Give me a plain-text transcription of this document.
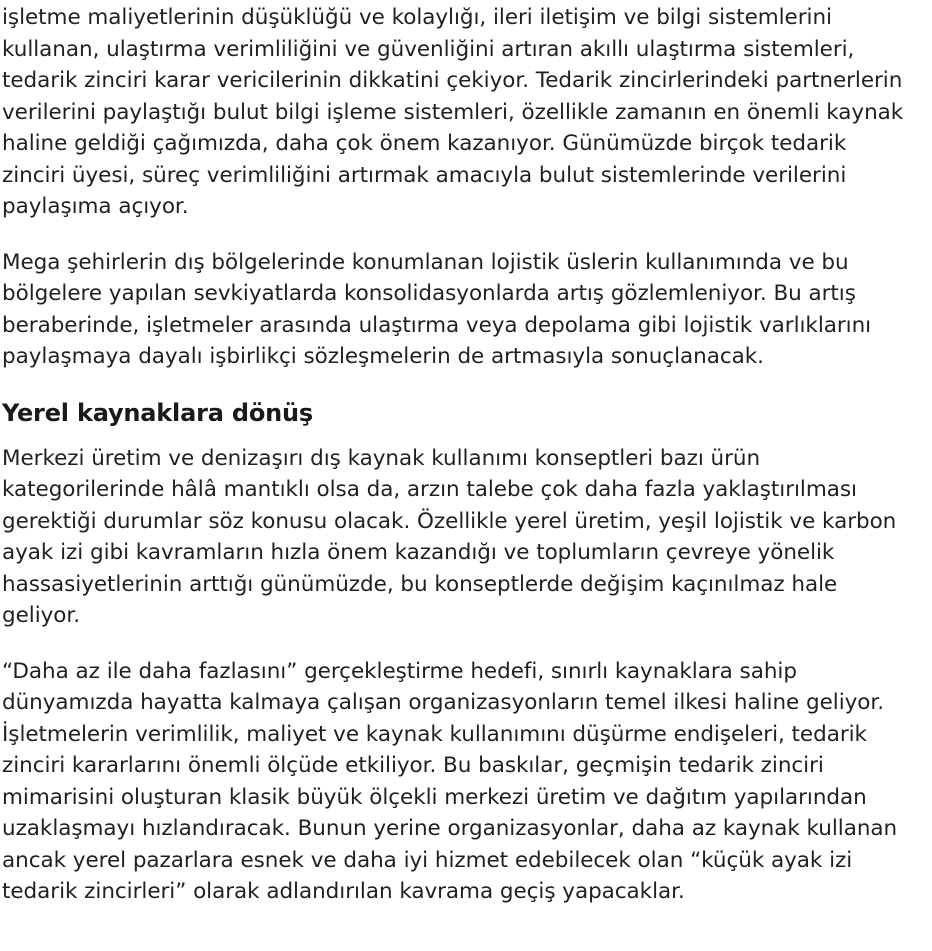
işletme maliyetlerinin düşüklüğü ve kolaylığı, ileri iletişim ve bilgi sistemlerini kullanan, ulaştırma verimliliğini ve güvenliğini artıran akıllı ulaştırma sistemleri, tedarik zinciri karar vericilerinin dikkatini çekiyor. Tedarik zincirlerindeki partnerlerin verilerini paylaştığı bulut bilgi işleme sistemleri, özellikle zamanın en önemli kaynak haline geldiği çağımızda, daha çok önem kazanıyor. Günümüzde birçok tedarik zinciri üyesi, süreç verimliliğini artırmak amacıyla bulut sistemlerinde verilerini paylaşıma açıyor.

Mega şehirlerin dış bölgelerinde konumlanan lojistik üslerin kullanımında ve bu bölgelere yapılan sevkiyatlarda konsolidasyonlarda artış gözlemleniyor. Bu artış beraberinde, işletmeler arasında ulaştırma veya depolama gibi lojistik varlıklarını paylaşmaya dayalı işbirlikçi sözleşmelerin de artmasıyla sonuçlanacak.

Yerel kaynaklara dönüş

Merkezi üretim ve denizaşırı dış kaynak kullanımı konseptleri bazı ürün kategorilerinde hâlâ mantıklı olsa da, arzın talebe çok daha fazla yaklaştırılması gerektiği durumlar söz konusu olacak. Özellikle yerel üretim, yeşil lojistik ve karbon ayak izi gibi kavramların hızla önem kazandığı ve toplumların çevreye yönelik hassasiyetlerinin arttığı günümüzde, bu konseptlerde değişim kaçınılmaz hale geliyor.

“Daha az ile daha fazlasını” gerçekleştirme hedefi, sınırlı kaynaklara sahip dünyamızda hayatta kalmaya çalışan organizasyonların temel ilkesi haline geliyor. İşletmelerin verimlilik, maliyet ve kaynak kullanımını düşürme endişeleri, tedarik zinciri kararlarını önemli ölçüde etkiliyor. Bu baskılar, geçmişin tedarik zinciri mimarisini oluşturan klasik büyük ölçekli merkezi üretim ve dağıtım yapılarından uzaklaşmayı hızlandıracak. Bunun yerine organizasyonlar, daha az kaynak kullanan ancak yerel pazarlara esnek ve daha iyi hizmet edebilecek olan “küçük ayak izi tedarik zincirleri” olarak adlandırılan kavrama geçiş yapacaklar.
